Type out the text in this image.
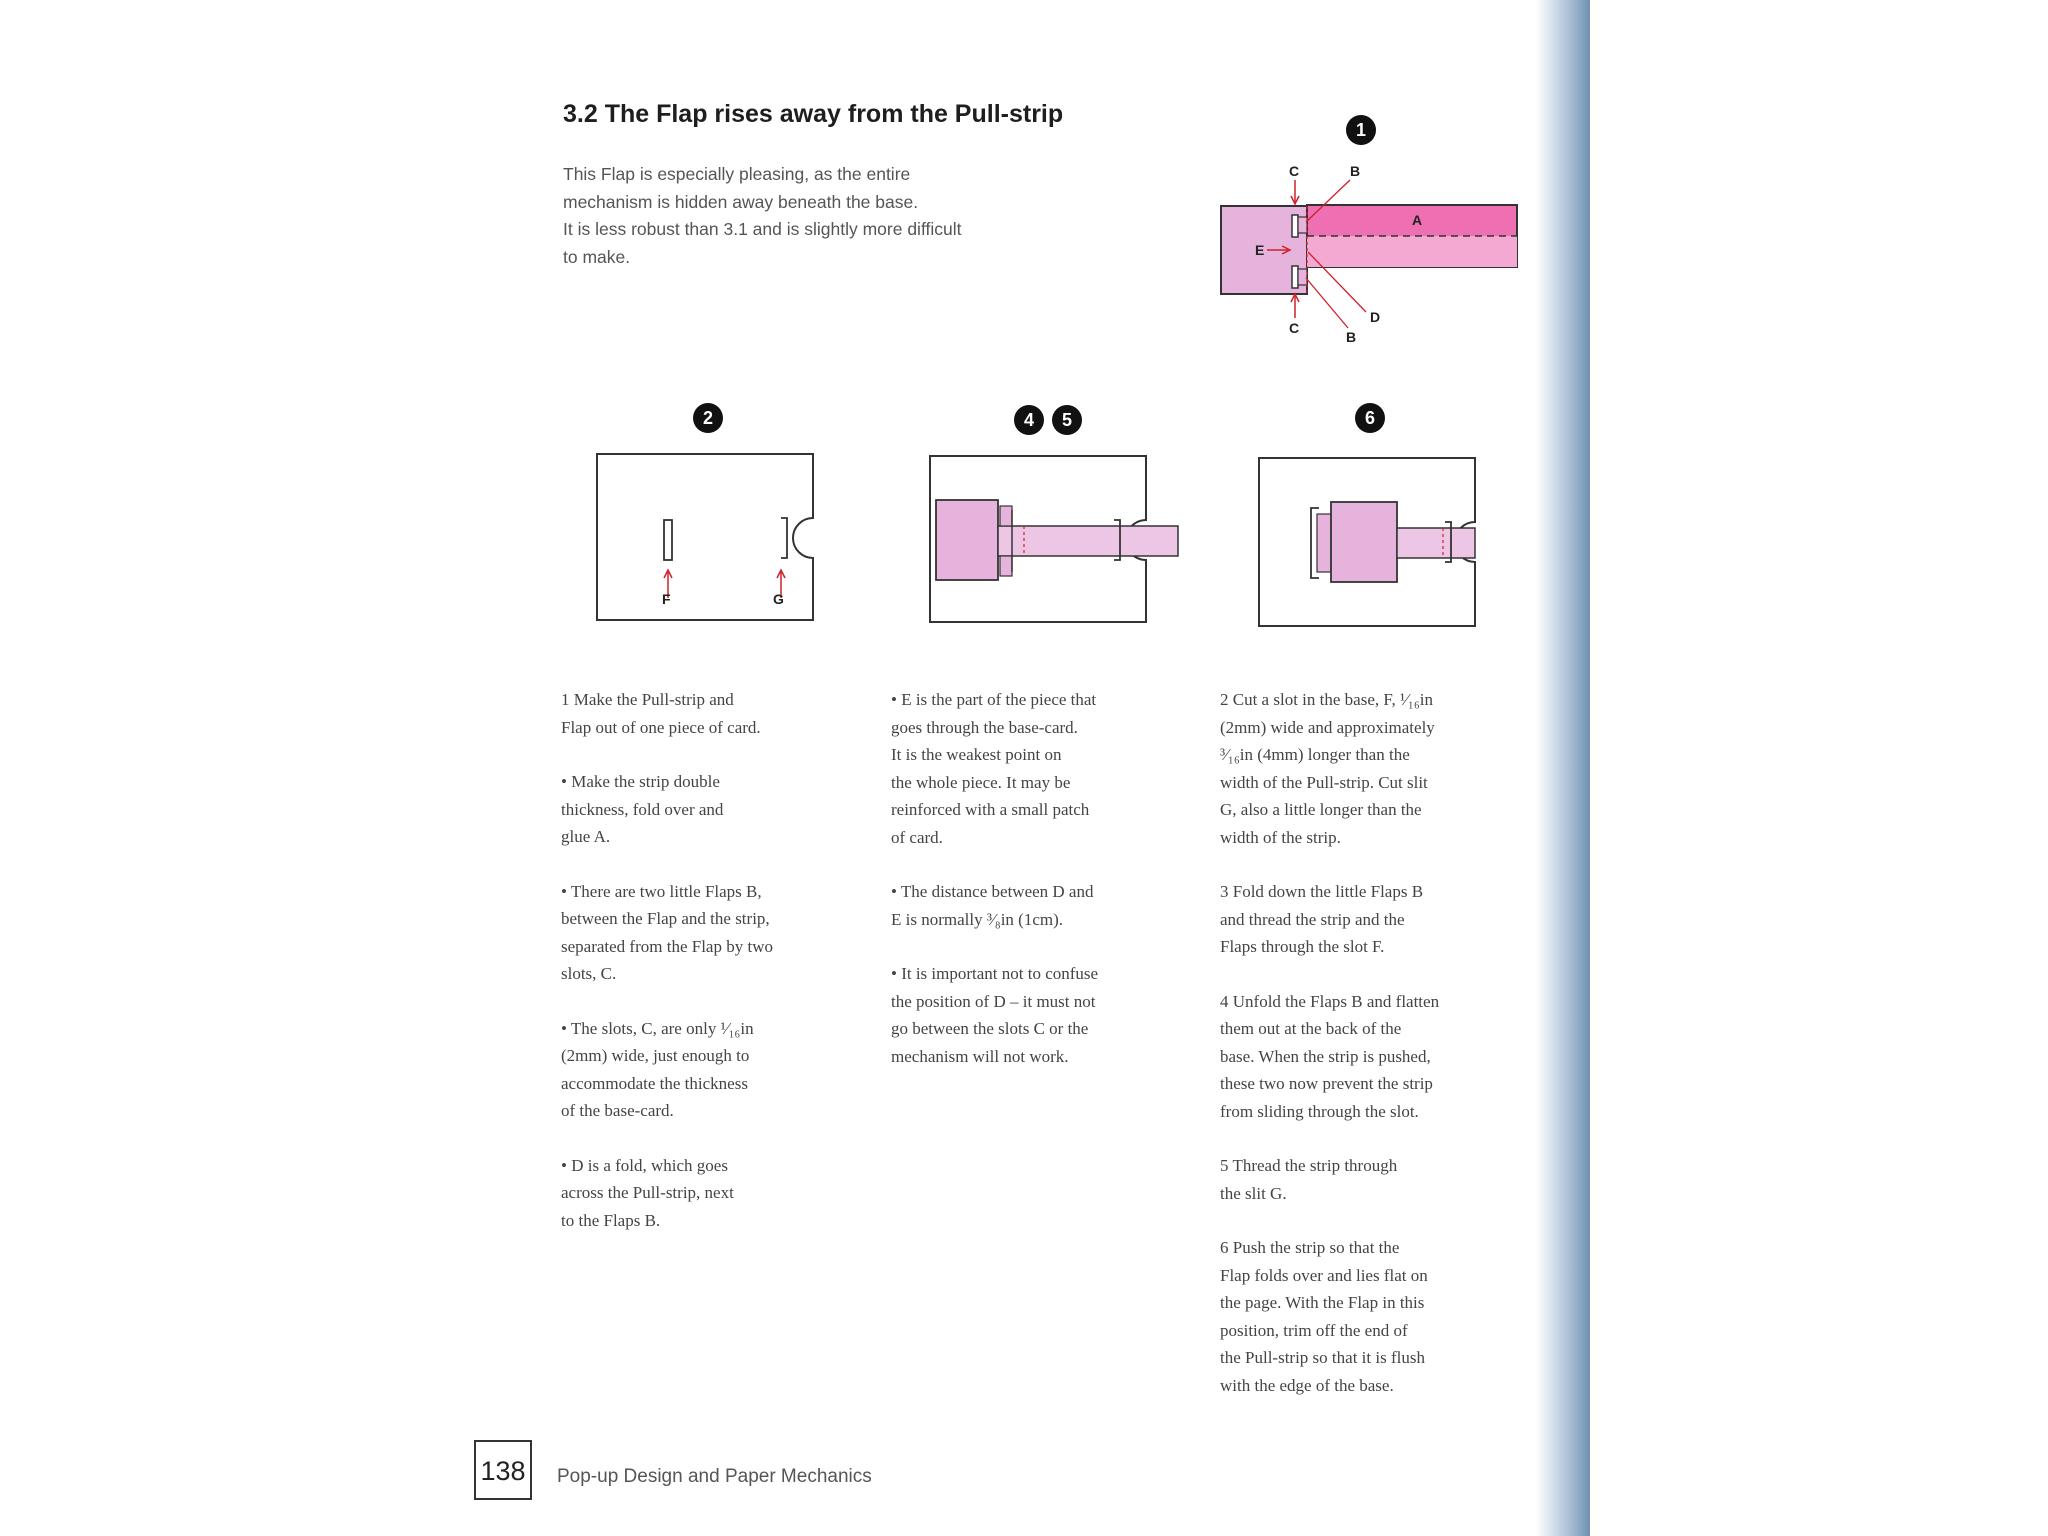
3.2 The Flap rises away from the Pull-strip
This Flap is especially pleasing, as the entire
mechanism is hidden away beneath the base.
It is less robust than 3.1 and is slightly more difficult
to make.
1
2	4	5	6
C	B
A
E
D
C
B
F	G

1 Make the Pull-strip and
Flap out of one piece of card.

• Make the strip double
thickness, fold over and
glue A.

• There are two little Flaps B,
between the Flap and the strip,
separated from the Flap by two
slots, C.

• The slots, C, are only ¹⁄₁₆in
(2mm) wide, just enough to
accommodate the thickness
of the base-card.

• D is a fold, which goes
across the Pull-strip, next
to the Flaps B.

• E is the part of the piece that
goes through the base-card.
It is the weakest point on
the whole piece. It may be
reinforced with a small patch
of card.

• The distance between D and
E is normally ³⁄₈in (1cm).

• It is important not to confuse
the position of D – it must not
go between the slots C or the
mechanism will not work.

2 Cut a slot in the base, F, ¹⁄₁₆in
(2mm) wide and approximately
³⁄₁₆in (4mm) longer than the
width of the Pull-strip. Cut slit
G, also a little longer than the
width of the strip.

3 Fold down the little Flaps B
and thread the strip and the
Flaps through the slot F.

4 Unfold the Flaps B and flatten
them out at the back of the
base. When the strip is pushed,
these two now prevent the strip
from sliding through the slot.

5 Thread the strip through
the slit G.

6 Push the strip so that the
Flap folds over and lies flat on
the page. With the Flap in this
position, trim off the end of
the Pull-strip so that it is flush
with the edge of the base.

138	Pop-up Design and Paper Mechanics
